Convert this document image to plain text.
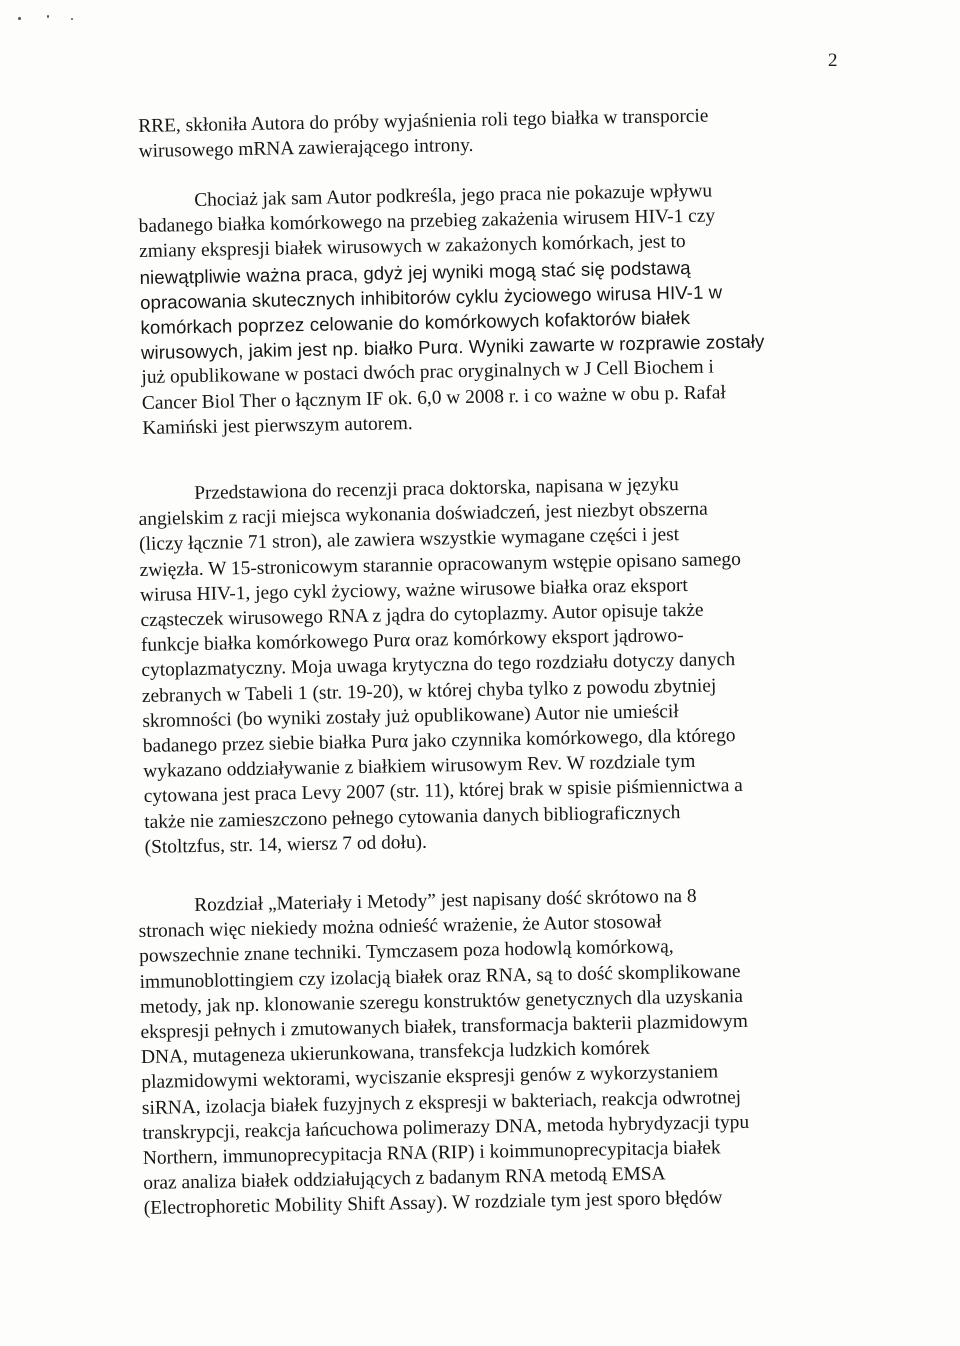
2
RRE, skłoniła Autora do próby wyjaśnienia roli tego białka w transporcie
wirusowego mRNA zawierającego introny.
Chociaż jak sam Autor podkreśla, jego praca nie pokazuje wpływu
badanego białka komórkowego na przebieg zakażenia wirusem HIV-1 czy
zmiany ekspresji białek wirusowych w zakażonych komórkach, jest to
niewątpliwie ważna praca, gdyż jej wyniki mogą stać się podstawą
opracowania skutecznych inhibitorów cyklu życiowego wirusa HIV-1 w
komórkach poprzez celowanie do komórkowych kofaktorów białek
wirusowych, jakim jest np. białko Purα. Wyniki zawarte w rozprawie zostały
już opublikowane w postaci dwóch prac oryginalnych w J Cell Biochem i
Cancer Biol Ther o łącznym IF ok. 6,0 w 2008 r. i co ważne w obu p. Rafał
Kamiński jest pierwszym autorem.
Przedstawiona do recenzji praca doktorska, napisana w języku
angielskim z racji miejsca wykonania doświadczeń, jest niezbyt obszerna
(liczy łącznie 71 stron), ale zawiera wszystkie wymagane części i jest
zwięzła. W 15-stronicowym starannie opracowanym wstępie opisano samego
wirusa HIV-1, jego cykl życiowy, ważne wirusowe białka oraz eksport
cząsteczek wirusowego RNA z jądra do cytoplazmy. Autor opisuje także
funkcje białka komórkowego Purα oraz komórkowy eksport jądrowo-
cytoplazmatyczny. Moja uwaga krytyczna do tego rozdziału dotyczy danych
zebranych w Tabeli 1 (str. 19-20), w której chyba tylko z powodu zbytniej
skromności (bo wyniki zostały już opublikowane) Autor nie umieścił
badanego przez siebie białka Purα jako czynnika komórkowego, dla którego
wykazano oddziaływanie z białkiem wirusowym Rev. W rozdziale tym
cytowana jest praca Levy 2007 (str. 11), której brak w spisie piśmiennictwa a
także nie zamieszczono pełnego cytowania danych bibliograficznych
(Stoltzfus, str. 14, wiersz 7 od dołu).
Rozdział „Materiały i Metody” jest napisany dość skrótowo na 8
stronach więc niekiedy można odnieść wrażenie, że Autor stosował
powszechnie znane techniki. Tymczasem poza hodowlą komórkową,
immunoblottingiem czy izolacją białek oraz RNA, są to dość skomplikowane
metody, jak np. klonowanie szeregu konstruktów genetycznych dla uzyskania
ekspresji pełnych i zmutowanych białek, transformacja bakterii plazmidowym
DNA, mutageneza ukierunkowana, transfekcja ludzkich komórek
plazmidowymi wektorami, wyciszanie ekspresji genów z wykorzystaniem
siRNA, izolacja białek fuzyjnych z ekspresji w bakteriach, reakcja odwrotnej
transkrypcji, reakcja łańcuchowa polimerazy DNA, metoda hybrydyzacji typu
Northern, immunoprecypitacja RNA (RIP) i koimmunoprecypitacja białek
oraz analiza białek oddziałujących z badanym RNA metodą EMSA
(Electrophoretic Mobility Shift Assay). W rozdziale tym jest sporo błędów
